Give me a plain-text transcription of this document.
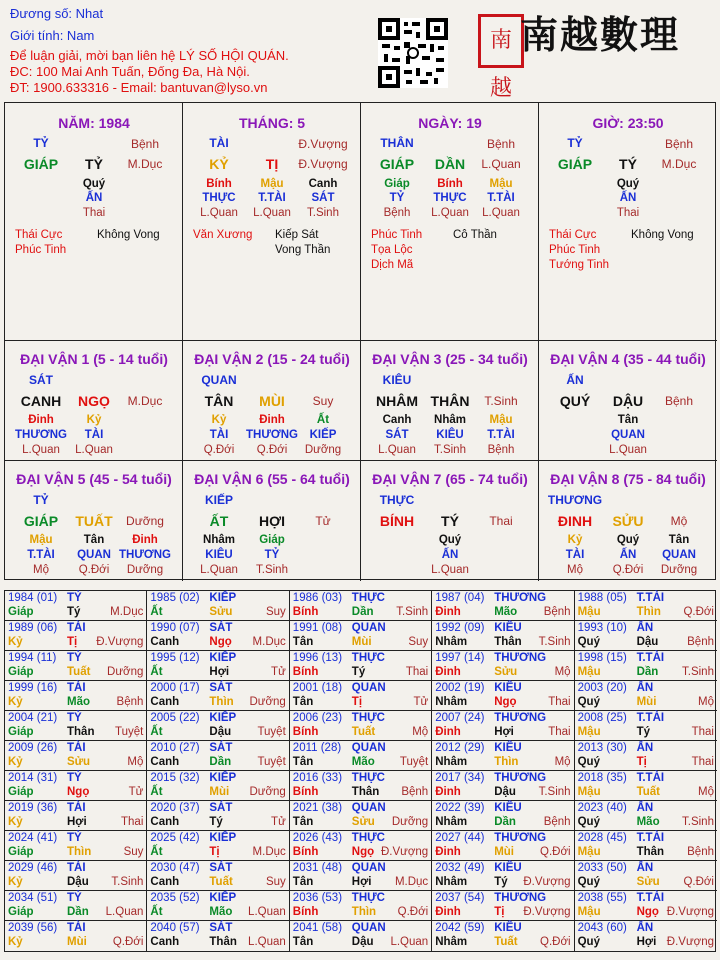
Đương số: Nhat
Giới tính: Nam
Để luận giải, mời bạn liên hệ LÝ SỐ HỘI QUÁN.
ĐC: 100 Mai Anh Tuấn, Đống Đa, Hà Nội.
ĐT: 1900.633316 - Email: bantuvan@lyso.vn
南越
南越數理
NĂM: 1984
TỶ	Bệnh
GIÁP TỶ M.Dục
Quý
ẤN
Thai
Thái Cực
Phúc Tinh
Không Vong
THÁNG: 5
TÀI	Đ.Vượng
KỶ	TỊ Đ.Vượng
Bính
THỰC
L.Quan
Mậu
T.TÀI
L.Quan
Canh
SÁT
T.Sinh
Văn Xương Kiếp Sát
Vong Thần
NGÀY: 19
THÂN	Bệnh
GIÁP DẦN L.Quan
Giáp
TỶ
Bệnh
Bính
THỰC
L.Quan
Mậu
T.TÀI
L.Quan
Phúc Tinh
Tọa Lộc
Dịch Mã
Cô Thần
GIỜ: 23:50
TỶ	Bệnh
GIÁP TÝ M.Dục
Quý
ẤN
Thai
Thái Cực
Phúc Tinh
Tướng Tinh
Không Vong
ĐẠI VẬN 1 (5 - 14 tuổi)
SÁT
CANH NGỌ M.Dục
Đinh
THƯƠNG
L.Quan
Kỷ
TÀI
L.Quan
ĐẠI VẬN 2 (15 - 24 tuổi)
QUAN
TÂN MÙI Suy
Kỷ
TÀI
Q.Đới
Đinh
THƯƠNG
Q.Đới
Ất
KIẾP
Dưỡng
ĐẠI VẬN 3 (25 - 34 tuổi)
KIÊU
NHÂM THÂN T.Sinh
Canh
SÁT
L.Quan
Nhâm
KIÊU
T.Sinh
Mậu
T.TÀI
Bệnh
ĐẠI VẬN 4 (35 - 44 tuổi)
ẤN
QUÝ DẬU Bệnh
Tân
QUAN
L.Quan
ĐẠI VẬN 5 (45 - 54 tuổi)
TỶ
GIÁP TUẤT Dưỡng
Mậu
T.TÀI
Mộ
Tân
QUAN
Q.Đới
Đinh
THƯƠNG
Dưỡng
ĐẠI VẬN 6 (55 - 64 tuổi)
KIẾP
ẤT HỢI	Tử
Nhâm
KIÊU
L.Quan
Giáp
TỶ
T.Sinh
ĐẠI VẬN 7 (65 - 74 tuổi)
THỰC
BÍNH TÝ	Thai
Quý
ẤN
L.Quan
ĐẠI VẬN 8 (75 - 84 tuổi)
THƯƠNG
ĐINH SỬU Mộ
Kỷ
TÀI
Mộ
Quý
ẤN
Q.Đới
Tân
QUAN
Dưỡng
1984 (01) TỶ
Giáp	Tý	M.Dục
1985 (02) KIẾP
Ất	Sửu	Suy
1986 (03) THỰC
Bính	Dần T.Sinh
1987 (04) THƯƠNG
Đinh	Mão Bệnh
1988 (05) T.TÀI
Mậu	Thìn Q.Đới
1989 (06) TÀI
Kỷ	Tị Đ.Vượng
1990 (07) SÁT
Canh	Ngọ M.Dục
1991 (08) QUAN
Tân	Mùi	Suy
1992 (09) KIÊU
Nhâm Thân T.Sinh
1993 (10) ẤN
Quý	Dậu	Bệnh
1994 (11) TỶ
Giáp	Tuất Dưỡng
1995 (12) KIẾP
Ất	Hợi	Tử
1996 (13) THỰC
Bính	Tý	Thai
1997 (14) THƯƠNG
Đinh	Sửu	Mộ
1998 (15) T.TÀI
Mậu	Dần T.Sinh
1999 (16) TÀI
Kỷ	Mão Bệnh
2000 (17) SÁT
Canh	Thìn Dưỡng
2001 (18) QUAN
Tân	Tị	Tử
2002 (19) KIÊU
Nhâm Ngọ	Thai
2003 (20) ẤN
Quý	Mùi	Mộ
2004 (21) TỶ
Giáp	Thân Tuyệt
2005 (22) KIẾP
Ất	Dậu Tuyệt
2006 (23) THỰC
Bính	Tuất	Mộ
2007 (24) THƯƠNG
Đinh	Hợi	Thai
2008 (25) T.TÀI
Mậu	Tý	Thai
2009 (26) TÀI
Kỷ	Sửu	Mộ
2010 (27) SÁT
Canh	Dần Tuyệt
2011 (28) QUAN
Tân	Mão Tuyệt
2012 (29) KIÊU
Nhâm Thìn	Mộ
2013 (30) ẤN
Quý	Tị	Thai
2014 (31) TỶ
Giáp	Ngọ	Tử
2015 (32) KIẾP
Ất	Mùi Dưỡng
2016 (33) THỰC
Bính	Thân Bệnh
2017 (34) THƯƠNG
Đinh	Dậu T.Sinh
2018 (35) T.TÀI
Mậu	Tuất	Mộ
2019 (36) TÀI
Kỷ	Hợi	Thai
2020 (37) SÁT
Canh	Tý	Tử
2021 (38) QUAN
Tân	Sửu Dưỡng
2022 (39) KIÊU
Nhâm Dần Bệnh
2023 (40) ẤN
Quý	Mão T.Sinh
2024 (41) TỶ
Giáp	Thìn	Suy
2025 (42) KIẾP
Ất	Tị	M.Dục
2026 (43) THỰC
Bính	Ngọ Đ.Vượng
2027 (44) THƯƠNG
Đinh	Mùi Q.Đới
2028 (45) T.TÀI
Mậu	Thân Bệnh
2029 (46) TÀI
Kỷ	Dậu T.Sinh
2030 (47) SÁT
Canh	Tuất	Suy
2031 (48) QUAN
Tân	Hợi M.Dục
2032 (49) KIÊU
Nhâm Tý Đ.Vượng
2033 (50) ẤN
Quý	Sửu Q.Đới
2034 (51) TỶ
Giáp	Dần L.Quan
2035 (52) KIẾP
Ất	Mão L.Quan
2036 (53) THỰC
Bính	Thìn Q.Đới
2037 (54) THƯƠNG
Đinh	Tị Đ.Vượng
2038 (55) T.TÀI
Mậu	Ngọ Đ.Vượng
2039 (56) TÀI
Kỷ	Mùi Q.Đới
2040 (57) SÁT
Canh	Thân L.Quan
2041 (58) QUAN
Tân	Dậu L.Quan
2042 (59) KIÊU
Nhâm Tuất Q.Đới
2043 (60) ẤN
Quý	Hợi Đ.Vượng
